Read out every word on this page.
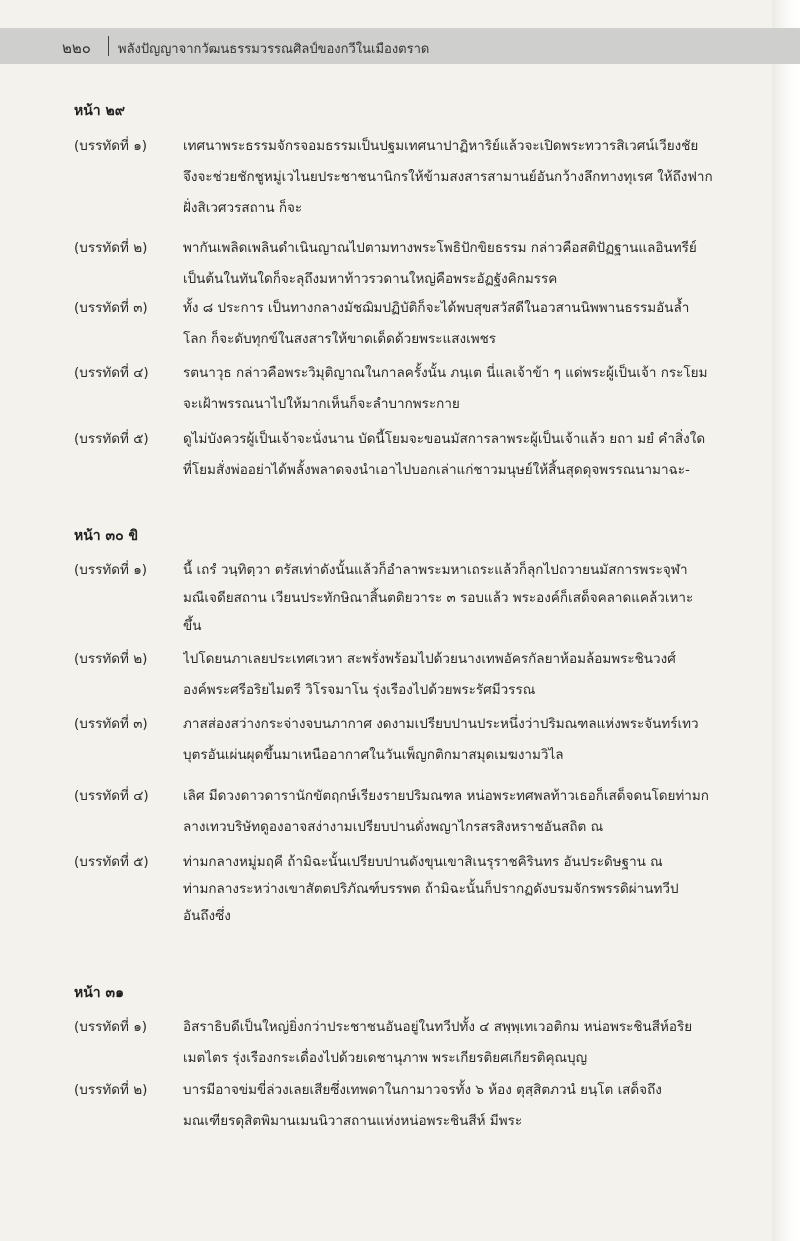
๒๒๐ พลังปัญญาจากวัฒนธรรมวรรณศิลป์ของกวีในเมืองตราด
หน้า ๒๙
(บรรทัดที่ ๑)	เทศนาพระธรรมจักรจอมธรรมเป็นปฐมเทศนาปาฏิหาริย์แล้วจะเปิดพระทวารสิเวศน์เวียงชัย
จึงจะช่วยชักชูหมู่เวไนยประชาชนานิกรให้ข้ามสงสารสามานย์อันกว้างลึกทางทุเรศ ให้ถึงฟาก
ฝั่งสิเวศวรสถาน ก็จะ
(บรรทัดที่ ๒)	พากันเพลิดเพลินดำเนินญาณไปตามทางพระโพธิปักขิยธรรม กล่าวคือสติปัฏฐานแลอินทรีย์
เป็นต้นในทันใดก็จะลุถึงมหาท้าวรวดานใหญ่คือพระอัฏฐังคิกมรรค
(บรรทัดที่ ๓)	ทั้ง ๘ ประการ เป็นทางกลางมัชฌิมปฏิบัติก็จะได้พบสุขสวัสดีในอวสานนิพพานธรรมอันล้ำ
โลก ก็จะดับทุกข์ในสงสารให้ขาดเด็ดด้วยพระแสงเพชร
(บรรทัดที่ ๔)	รตนาวุธ กล่าวคือพระวิมุติญาณในกาลครั้งนั้น ภนฺเต นี่แลเจ้าข้า ๆ แด่พระผู้เป็นเจ้า กระโยม
จะเฝ้าพรรณนาไปให้มากเห็นก็จะลำบากพระกาย
(บรรทัดที่ ๕)	ดูไม่บังควรผู้เป็นเจ้าจะนั่งนาน บัดนี้โยมจะขอนมัสการลาพระผู้เป็นเจ้าแล้ว ยถา มยํ คำสิ่งใด
ที่โยมสั่งพ่ออย่าได้พลั้งพลาดจงนำเอาไปบอกเล่าแก่ชาวมนุษย์ให้สิ้นสุดดุจพรรณนามาฉะ-
หน้า ๓๐ ขิ
(บรรทัดที่ ๑)	นี้ เถรํ วนฺทิตฺวา ตรัสเท่าดังนั้นแล้วก็อำลาพระมหาเถระแล้วก็ลุกไปถวายนมัสการพระจุฬา
มณีเจดียสถาน เวียนประทักษิณาสิ้นตติยวาระ ๓ รอบแล้ว พระองค์ก็เสด็จคลาดแคล้วเหาะ
ขึ้น
(บรรทัดที่ ๒)	ไปโดยนภาเลยประเทศเวหา สะพรั่งพร้อมไปด้วยนางเทพอัครกัลยาห้อมล้อมพระชินวงศ์
องค์พระศรีอริยไมตรี วิโรจมาโน รุ่งเรืองไปด้วยพระรัศมีวรรณ
(บรรทัดที่ ๓)	ภาสส่องสว่างกระจ่างจบนภากาศ งดงามเปรียบปานประหนึ่งว่าปริมณฑลแห่งพระจันทร์เทว
บุตรอันเผ่นผุดขึ้นมาเหนืออากาศในวันเพ็ญกติกมาสมุดเมฆงามวิไล
(บรรทัดที่ ๔)	เลิศ มีดวงดาวดารานักขัตฤกษ์เรียงรายปริมณฑล หน่อพระทศพลท้าวเธอก็เสด็จดนโดยท่ามก
ลางเทวบริษัทดูองอาจสง่างามเปรียบปานดั่งพญาไกรสรสิงหราชอันสถิต ณ
(บรรทัดที่ ๕)	ท่ามกลางหมู่มฤคี ถ้ามิฉะนั้นเปรียบปานดังขุนเขาสิเนรุราชคิรินทร อันประดิษฐาน ณ
ท่ามกลางระหว่างเขาสัตตปริภัณฑ์บรรพต ถ้ามิฉะนั้นก็ปรากฏดังบรมจักรพรรดิผ่านทวีป
อันถึงซึ่ง
หน้า ๓๑
(บรรทัดที่ ๑)	อิสราธิบดีเป็นใหญ่ยิ่งกว่าประชาชนอันอยู่ในทวีปทั้ง ๔ สพฺพฺเทเวอติกม หน่อพระชินสีห์อริย
เมตไตร รุ่งเรืองกระเดื่องไปด้วยเดชานุภาพ พระเกียรติยศเกียรติคุณบุญ
(บรรทัดที่ ๒)	บารมีอาจข่มขี่ล่วงเลยเสียซึ่งเทพดาในกามาวจรทั้ง ๖ ห้อง ตุสฺสิตภวนํ ยนฺโต เสด็จถึง
มณเฑียรดุสิตพิมานเมนนิวาสถานแห่งหน่อพระชินสีห์ มีพระ
